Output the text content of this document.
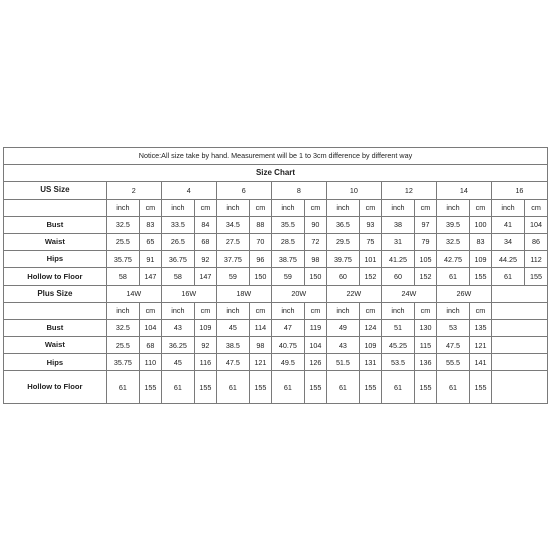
Notice:All size take by hand. Measurement will be 1 to 3cm difference by different way																
Size Chart																
US Size	2		4		6		8		10		12		14		16	
	inch	cm	inch	cm	inch	cm	inch	cm	inch	cm	inch	cm	inch	cm	inch	cm
Bust	32.5	83	33.5	84	34.5	88	35.5	90	36.5	93	38	97	39.5	100	41	104
Waist	25.5	65	26.5	68	27.5	70	28.5	72	29.5	75	31	79	32.5	83	34	86
Hips	35.75	91	36.75	92	37.75	96	38.75	98	39.75	101	41.25	105	42.75	109	44.25	112
Hollow to Floor	58	147	58	147	59	150	59	150	60	152	60	152	61	155	61	155
Plus Size	14W		16W		18W		20W		22W		24W		26W			
	inch	cm	inch	cm	inch	cm	inch	cm	inch	cm	inch	cm	inch	cm		
Bust	32.5	104	43	109	45	114	47	119	49	124	51	130	53	135		
Waist	25.5	68	36.25	92	38.5	98	40.75	104	43	109	45.25	115	47.5	121		
Hips	35.75	110	45	116	47.5	121	49.5	126	51.5	131	53.5	136	55.5	141		
Hollow to Floor	61	155	61	155	61	155	61	155	61	155	61	155	61	155		
